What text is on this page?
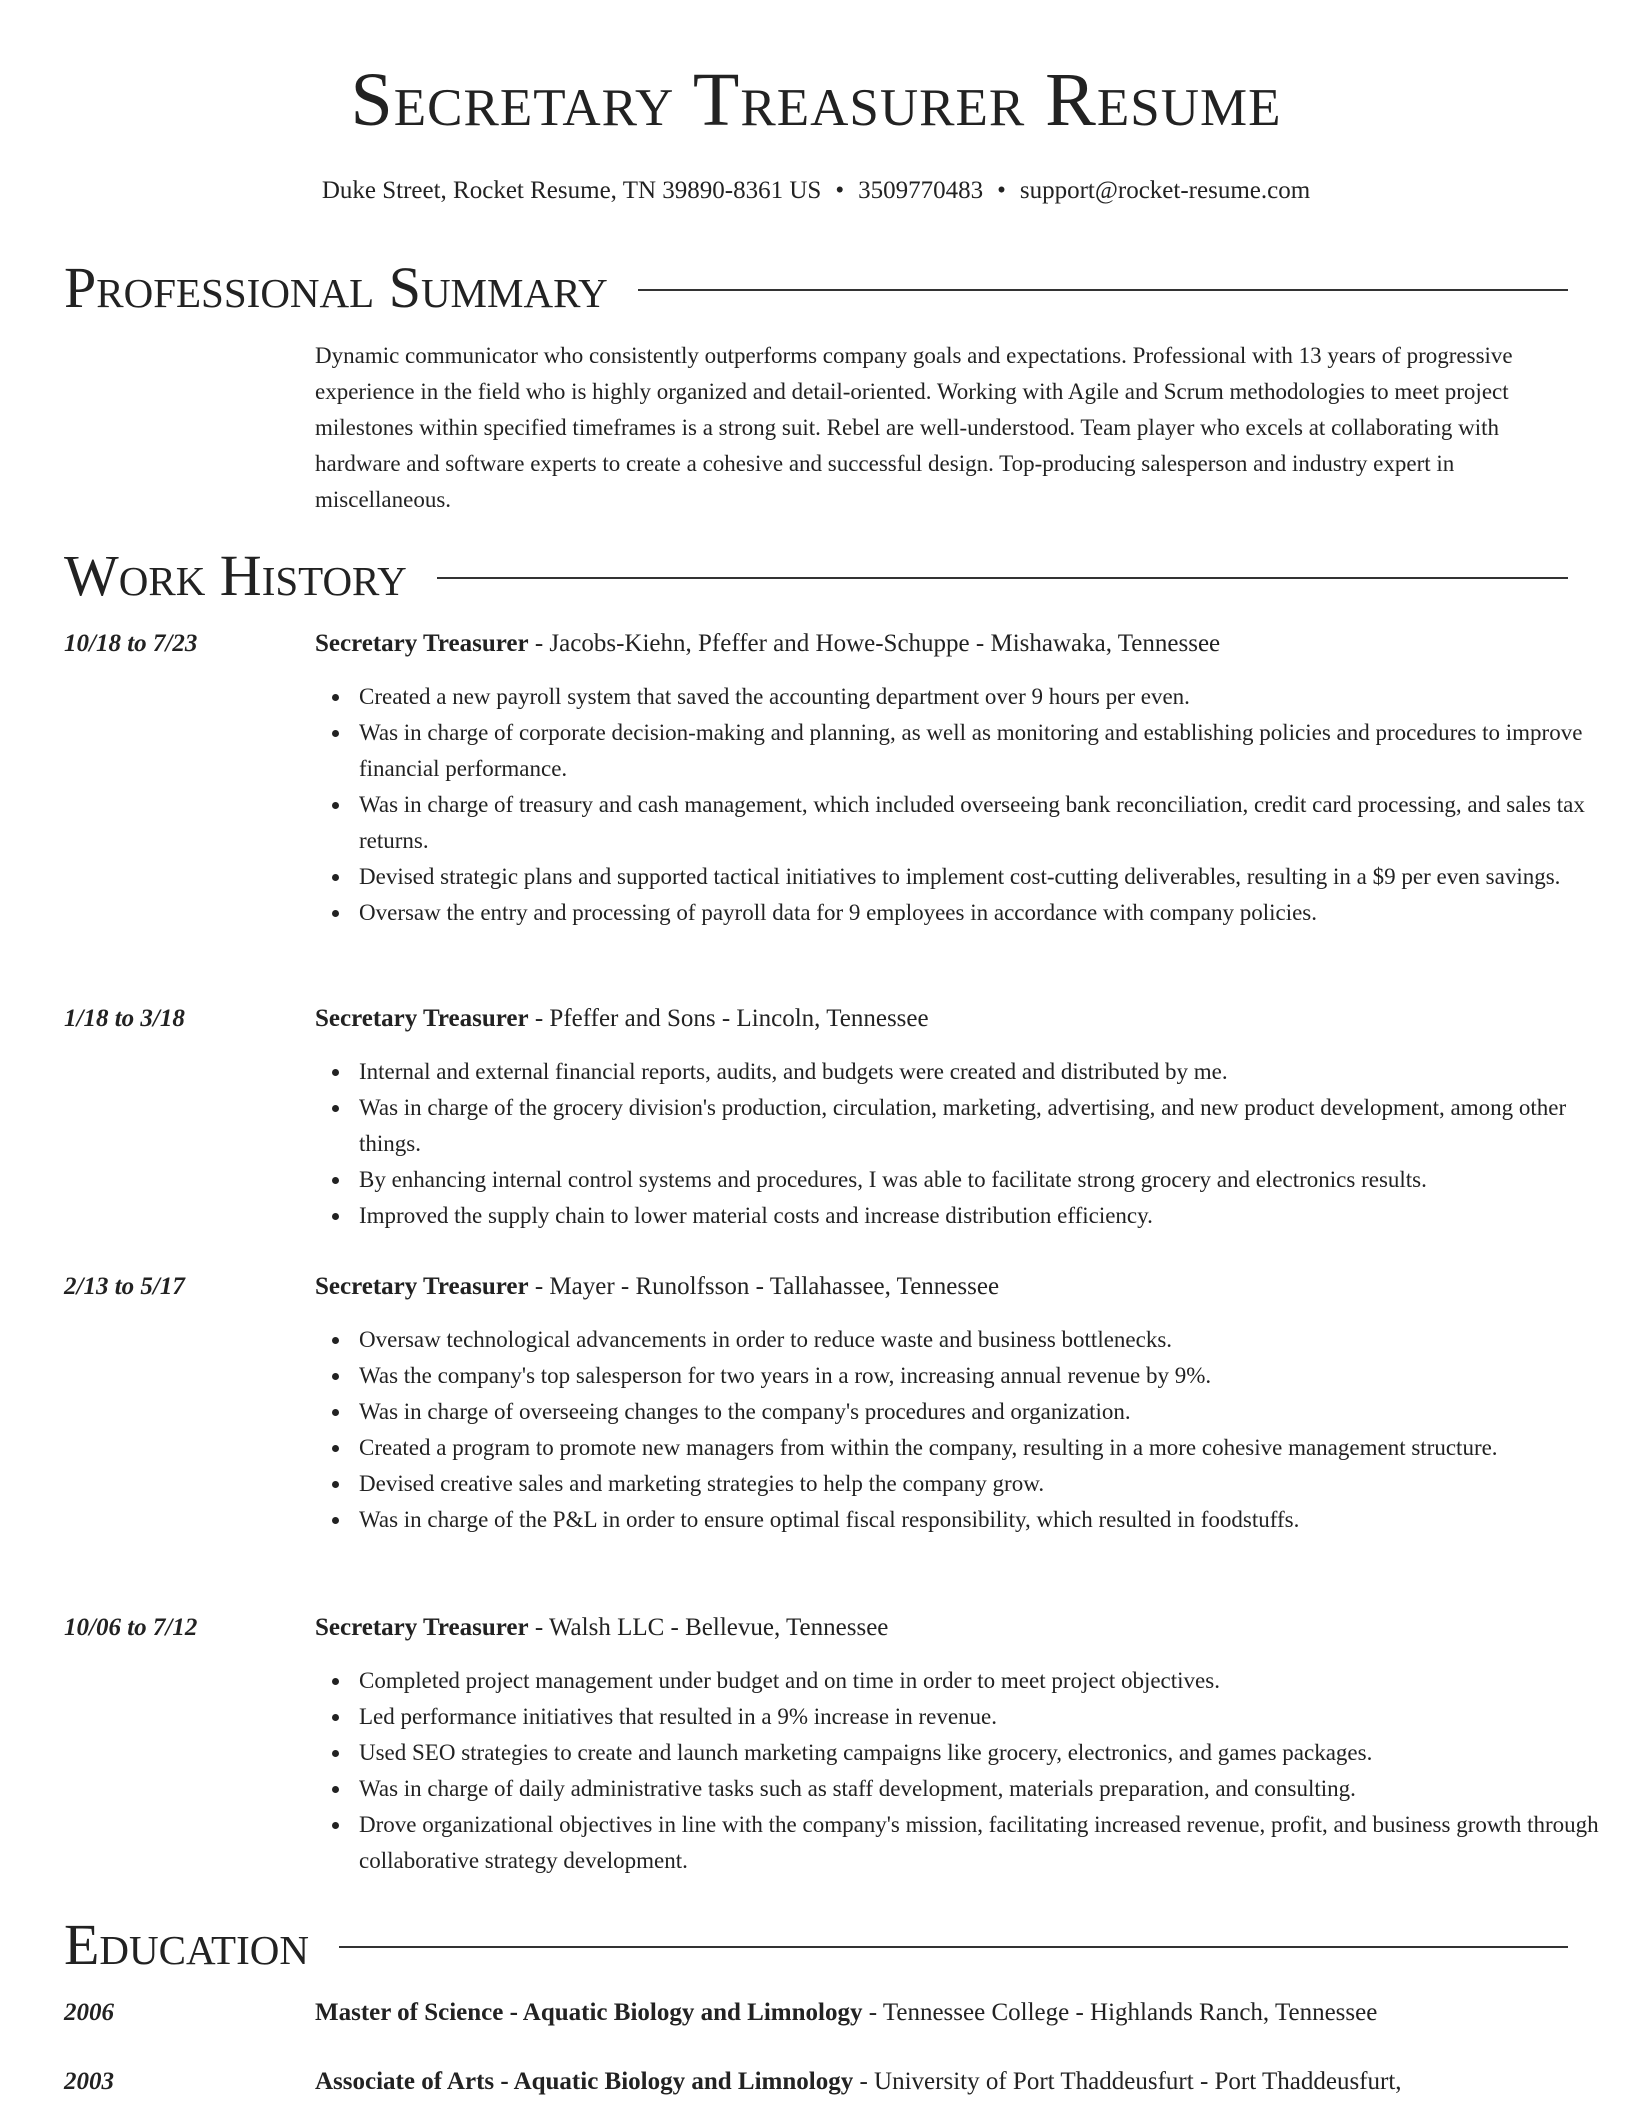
Secretary Treasurer Resume
Duke Street, Rocket Resume, TN 39890-8361 US • 3509770483 • support@rocket-resume.com
Professional Summary

Dynamic communicator who consistently outperforms company goals and expectations. Professional with 13 years of progressive experience in the field who is highly organized and detail-oriented. Working with Agile and Scrum methodologies to meet project milestones within specified timeframes is a strong suit. Rebel are well-understood. Team player who excels at collaborating with hardware and software experts to create a cohesive and successful design. Top-producing salesperson and industry expert in miscellaneous.

Work History
10/18 to 7/23	Secretary Treasurer - Jacobs-Kiehn, Pfeffer and Howe-Schuppe - Mishawaka, Tennessee
Created a new payroll system that saved the accounting department over 9 hours per even.
Was in charge of corporate decision-making and planning, as well as monitoring and establishing policies and procedures to improve financial performance.
Was in charge of treasury and cash management, which included overseeing bank reconciliation, credit card processing, and sales tax returns.
Devised strategic plans and supported tactical initiatives to implement cost-cutting deliverables, resulting in a $9 per even savings.
Oversaw the entry and processing of payroll data for 9 employees in accordance with company policies.
1/18 to 3/18	Secretary Treasurer - Pfeffer and Sons - Lincoln, Tennessee
Internal and external financial reports, audits, and budgets were created and distributed by me.
Was in charge of the grocery division's production, circulation, marketing, advertising, and new product development, among other things.
By enhancing internal control systems and procedures, I was able to facilitate strong grocery and electronics results.
Improved the supply chain to lower material costs and increase distribution efficiency.
2/13 to 5/17	Secretary Treasurer - Mayer - Runolfsson - Tallahassee, Tennessee
Oversaw technological advancements in order to reduce waste and business bottlenecks.
Was the company's top salesperson for two years in a row, increasing annual revenue by 9%.
Was in charge of overseeing changes to the company's procedures and organization.
Created a program to promote new managers from within the company, resulting in a more cohesive management structure.
Devised creative sales and marketing strategies to help the company grow.
Was in charge of the P&L in order to ensure optimal fiscal responsibility, which resulted in foodstuffs.
10/06 to 7/12	Secretary Treasurer - Walsh LLC - Bellevue, Tennessee
Completed project management under budget and on time in order to meet project objectives.
Led performance initiatives that resulted in a 9% increase in revenue.
Used SEO strategies to create and launch marketing campaigns like grocery, electronics, and games packages.
Was in charge of daily administrative tasks such as staff development, materials preparation, and consulting.
Drove organizational objectives in line with the company's mission, facilitating increased revenue, profit, and business growth through collaborative strategy development.
Education
2006	Master of Science - Aquatic Biology and Limnology - Tennessee College - Highlands Ranch, Tennessee
2003	Associate of Arts - Aquatic Biology and Limnology - University of Port Thaddeusfurt - Port Thaddeusfurt,
